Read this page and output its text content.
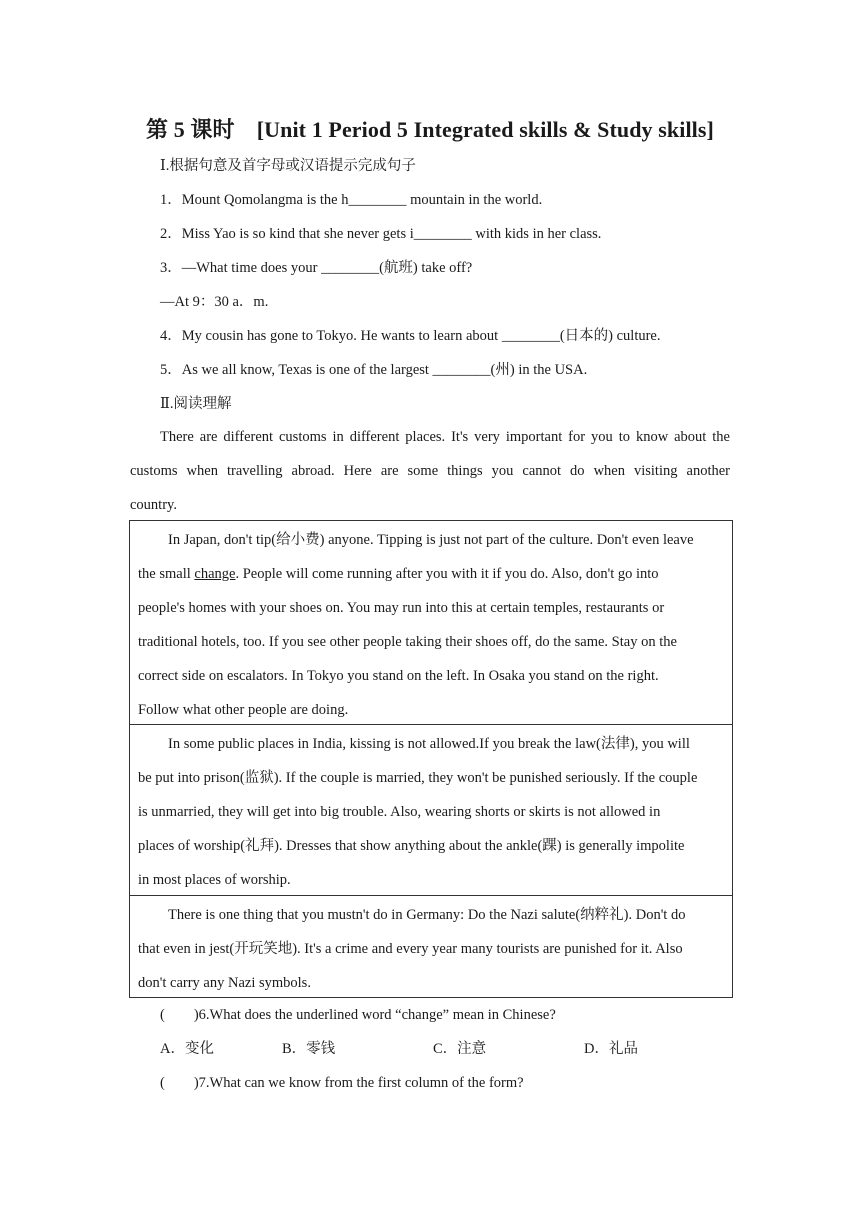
第 5 课时　[Unit 1 Period 5 Integrated skills & Study skills]
Ⅰ.根据句意及首字母或汉语提示完成句子
1．Mount Qomolangma is the h________ mountain in the world.
2．Miss Yao is so kind that she never gets i________ with kids in her class.
3．—What time does your ________(航班) take off?
—At 9：30 a．m.
4．My cousin has gone to Tokyo. He wants to learn about ________(日本的) culture.
5．As we all know, Texas is one of the largest ________(州) in the USA.
Ⅱ.阅读理解
There are different customs in different places. It's very important for you to know about the
customs when travelling abroad. Here are some things you cannot do when visiting another
country.
In Japan, don't tip(给小费) anyone. Tipping is just not part of the culture. Don't even leave
the small change. People will come running after you with it if you do. Also, don't go into
people's homes with your shoes on. You may run into this at certain temples, restaurants or
traditional hotels, too. If you see other people taking their shoes off, do the same. Stay on the
correct side on escalators. In Tokyo you stand on the left. In Osaka you stand on the right.
Follow what other people are doing.
In some public places in India, kissing is not allowed.If you break the law(法律), you will
be put into prison(监狱). If the couple is married, they won't be punished seriously. If the couple
is unmarried, they will get into big trouble. Also, wearing shorts or skirts is not allowed in
places of worship(礼拜). Dresses that show anything about the ankle(踝) is generally impolite
in most places of worship.
There is one thing that you mustn't do in Germany: Do the Nazi salute(纳粹礼). Don't do
that even in jest(开玩笑地). It's a crime and every year many tourists are punished for it. Also
don't carry any Nazi symbols.
(　　)6.What does the underlined word “change” mean in Chinese?
A．变化	B．零钱	C．注意	D．礼品
(　　)7.What can we know from the first column of the form?
